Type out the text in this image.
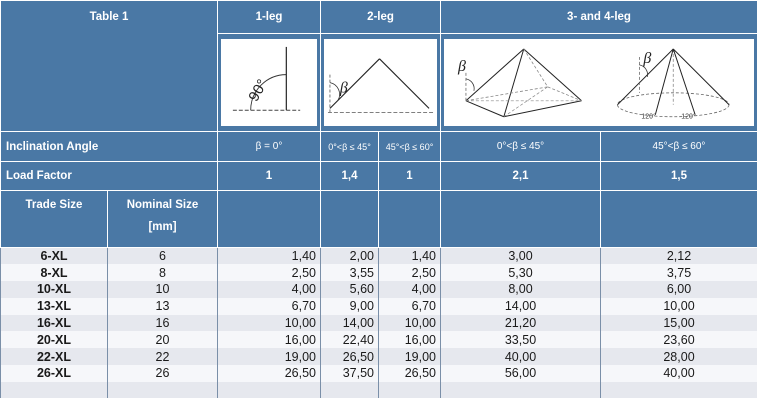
Table 1		1-leg	2-leg		3- and 4-leg	

90°	β		β β
120° 120°	

Inclination Angle		β = 0°	0°<β ≤ 45°	45°<β ≤ 60°	0°<β ≤ 45°	45°<β ≤ 60°
Load Factor		1	1,4	1	2,1	1,5
Trade Size	Nominal Size
[mm]					

6-XL	6	1,40	2,00	1,40	3,00	2,12
8-XL	8	2,50	3,55	2,50	5,30	3,75
10-XL	10	4,00	5,60	4,00	8,00	6,00
13-XL	13	6,70	9,00	6,70	14,00	10,00
16-XL	16	10,00	14,00	10,00	21,20	15,00
20-XL	20	16,00	22,40	16,00	33,50	23,60
22-XL	22	19,00	26,50	19,00	40,00	28,00
26-XL	26	26,50	37,50	26,50	56,00	40,00
